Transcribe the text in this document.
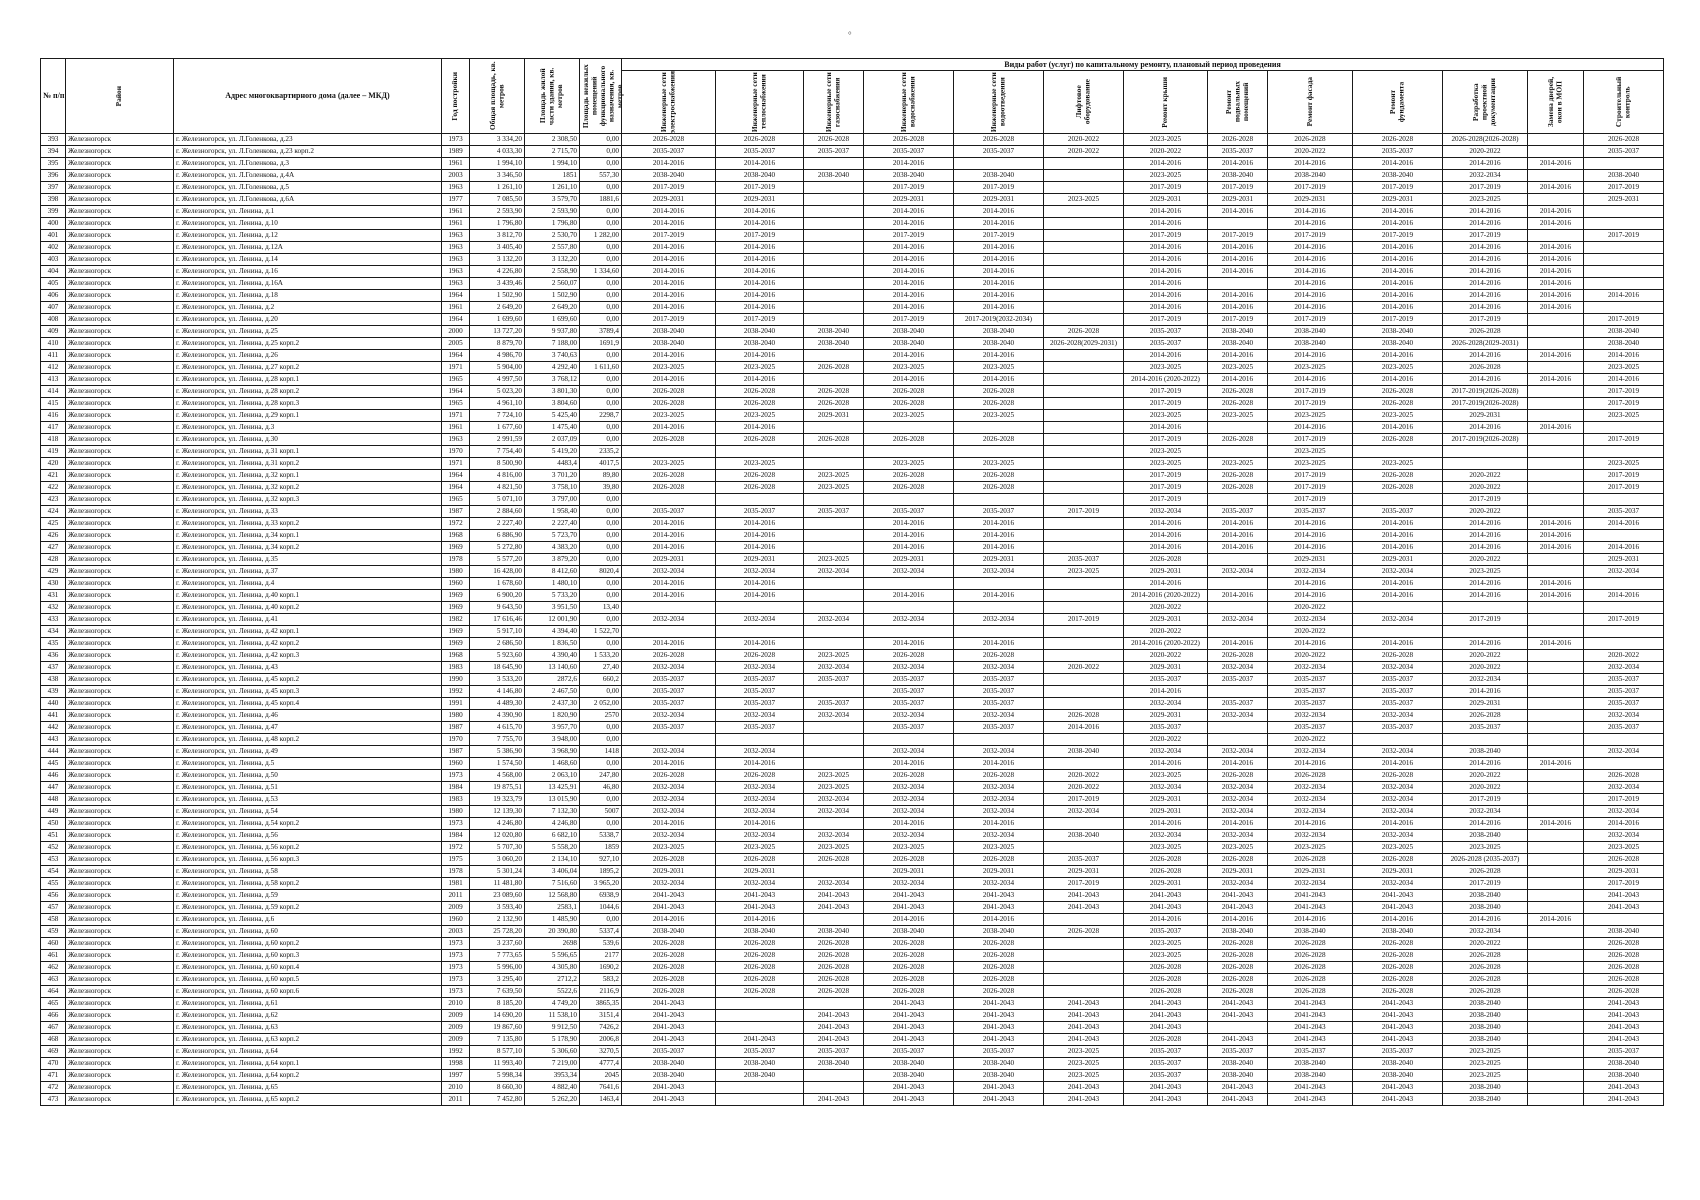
°
№ п/п	Район	Адрес многоквартирного дома (далее – МКД)	Год постройки	Общая площадь, кв. метров	Площадь жилой части здания, кв. метров	Площадь нежилых помещений функционального назначения, кв. метров	Виды работ (услуг) по капитальному ремонту, плановый период проведения												

							Инженерные сети электроснабжения	Инженерные сети теплоснабжения	Инженерные сети газоснабжения	Инженерные сети водоснабжения	Инженерные сети водоотведения	Лифтовое оборудование	Ремонт крыши	Ремонт подвальных помещений	Ремонт фасада	Ремонт фундамента	Разработка проектной документации	Замена дверей, окон в МОП	Строительный контроль

393	Железногорск	г. Железногорск, ул. Л.Голенкова, д.23	1973	3 334,20	2 308,50	0,00	2026-2028	2026-2028	2026-2028	2026-2028	2026-2028	2020-2022	2023-2025	2026-2028	2026-2028	2026-2028	2026-2028(2026-2028)		2026-2028
394	Железногорск	г. Железногорск, ул. Л.Голенкова, д.23 корп.2	1989	4 033,30	2 715,70	0,00	2035-2037	2035-2037	2035-2037	2035-2037	2035-2037	2020-2022	2020-2022	2035-2037	2020-2022	2035-2037	2020-2022		2035-2037
395	Железногорск	г. Железногорск, ул. Л.Голенкова, д.3	1961	1 994,10	1 994,10	0,00	2014-2016	2014-2016		2014-2016			2014-2016	2014-2016	2014-2016	2014-2016	2014-2016	2014-2016	
396	Железногорск	г. Железногорск, ул. Л.Голенкова, д.4А	2003	3 346,50	1851	557,30	2038-2040	2038-2040	2038-2040	2038-2040	2038-2040		2023-2025	2038-2040	2038-2040	2038-2040	2032-2034		2038-2040
397	Железногорск	г. Железногорск, ул. Л.Голенкова, д.5	1963	1 261,10	1 261,10	0,00	2017-2019	2017-2019		2017-2019	2017-2019		2017-2019	2017-2019	2017-2019	2017-2019	2017-2019	2014-2016	2017-2019
398	Железногорск	г. Железногорск, ул. Л.Голенкова, д.6А	1977	7 085,50	3 579,70	1881,6	2029-2031	2029-2031		2029-2031	2029-2031	2023-2025	2029-2031	2029-2031	2029-2031	2029-2031	2023-2025		2029-2031
399	Железногорск	г. Железногорск, ул. Ленина, д.1	1961	2 593,90	2 593,90	0,00	2014-2016	2014-2016		2014-2016	2014-2016		2014-2016	2014-2016	2014-2016	2014-2016	2014-2016	2014-2016	
400	Железногорск	г. Железногорск, ул. Ленина, д.10	1961	1 796,80	1 796,80	0,00	2014-2016	2014-2016		2014-2016	2014-2016		2014-2016		2014-2016	2014-2016	2014-2016	2014-2016	
401	Железногорск	г. Железногорск, ул. Ленина, д.12	1963	3 812,70	2 530,70	1 282,00	2017-2019	2017-2019		2017-2019	2017-2019		2017-2019	2017-2019	2017-2019	2017-2019	2017-2019		2017-2019
402	Железногорск	г. Железногорск, ул. Ленина, д.12А	1963	3 405,40	2 557,80	0,00	2014-2016	2014-2016		2014-2016	2014-2016		2014-2016	2014-2016	2014-2016	2014-2016	2014-2016	2014-2016	
403	Железногорск	г. Железногорск, ул. Ленина, д.14	1963	3 132,20	3 132,20	0,00	2014-2016	2014-2016		2014-2016	2014-2016		2014-2016	2014-2016	2014-2016	2014-2016	2014-2016	2014-2016	
404	Железногорск	г. Железногорск, ул. Ленина, д.16	1963	4 226,80	2 558,90	1 334,60	2014-2016	2014-2016		2014-2016	2014-2016		2014-2016	2014-2016	2014-2016	2014-2016	2014-2016	2014-2016	
405	Железногорск	г. Железногорск, ул. Ленина, д.16А	1963	3 439,46	2 560,07	0,00	2014-2016	2014-2016		2014-2016	2014-2016		2014-2016		2014-2016	2014-2016	2014-2016	2014-2016	
406	Железногорск	г. Железногорск, ул. Ленина, д.18	1964	1 502,90	1 502,90	0,00	2014-2016	2014-2016		2014-2016	2014-2016		2014-2016	2014-2016	2014-2016	2014-2016	2014-2016	2014-2016	2014-2016
407	Железногорск	г. Железногорск, ул. Ленина, д.2	1961	2 649,20	2 649,20	0,00	2014-2016	2014-2016		2014-2016	2014-2016		2014-2016	2014-2016	2014-2016	2014-2016	2014-2016	2014-2016	
408	Железногорск	г. Железногорск, ул. Ленина, д.20	1964	1 699,60	1 699,60	0,00	2017-2019	2017-2019		2017-2019	2017-2019(2032-2034)		2017-2019	2017-2019	2017-2019	2017-2019	2017-2019		2017-2019
409	Железногорск	г. Железногорск, ул. Ленина, д.25	2000	13 727,20	9 937,80	3789,4	2038-2040	2038-2040	2038-2040	2038-2040	2038-2040	2026-2028	2035-2037	2038-2040	2038-2040	2038-2040	2026-2028		2038-2040
410	Железногорск	г. Железногорск, ул. Ленина, д.25 корп.2	2005	8 879,70	7 188,00	1691,9	2038-2040	2038-2040	2038-2040	2038-2040	2038-2040	2026-2028(2029-2031)	2035-2037	2038-2040	2038-2040	2038-2040	2026-2028(2029-2031)		2038-2040
411	Железногорск	г. Железногорск, ул. Ленина, д.26	1964	4 986,70	3 740,63	0,00	2014-2016	2014-2016		2014-2016	2014-2016		2014-2016	2014-2016	2014-2016	2014-2016	2014-2016	2014-2016	2014-2016
412	Железногорск	г. Железногорск, ул. Ленина, д.27 корп.2	1971	5 904,00	4 292,40	1 611,60	2023-2025	2023-2025	2026-2028	2023-2025	2023-2025		2023-2025	2023-2025	2023-2025	2023-2025	2026-2028		2023-2025
413	Железногорск	г. Железногорск, ул. Ленина, д.28 корп.1	1965	4 997,50	3 768,12	0,00	2014-2016	2014-2016		2014-2016	2014-2016		2014-2016 (2020-2022)	2014-2016	2014-2016	2014-2016	2014-2016	2014-2016	2014-2016
414	Железногорск	г. Железногорск, ул. Ленина, д.28 корп.2	1964	5 023,20	3 801,30	0,00	2026-2028	2026-2028	2026-2028	2026-2028	2026-2028		2017-2019	2026-2028	2017-2019	2026-2028	2017-2019(2026-2028)		2017-2019
415	Железногорск	г. Железногорск, ул. Ленина, д.28 корп.3	1965	4 961,10	3 804,60	0,00	2026-2028	2026-2028	2026-2028	2026-2028	2026-2028		2017-2019	2026-2028	2017-2019	2026-2028	2017-2019(2026-2028)		2017-2019
416	Железногорск	г. Железногорск, ул. Ленина, д.29 корп.1	1971	7 724,10	5 425,40	2298,7	2023-2025	2023-2025	2029-2031	2023-2025	2023-2025		2023-2025	2023-2025	2023-2025	2023-2025	2029-2031		2023-2025
417	Железногорск	г. Железногорск, ул. Ленина, д.3	1961	1 677,60	1 475,40	0,00	2014-2016	2014-2016					2014-2016		2014-2016	2014-2016	2014-2016	2014-2016	
418	Железногорск	г. Железногорск, ул. Ленина, д.30	1963	2 991,59	2 037,09	0,00	2026-2028	2026-2028	2026-2028	2026-2028	2026-2028		2017-2019	2026-2028	2017-2019	2026-2028	2017-2019(2026-2028)		2017-2019
419	Железногорск	г. Железногорск, ул. Ленина, д.31 корп.1	1970	7 754,40	5 419,20	2335,2							2023-2025		2023-2025				
420	Железногорск	г. Железногорск, ул. Ленина, д.31 корп.2	1971	8 500,90	4483,4	4017,5	2023-2025	2023-2025		2023-2025	2023-2025		2023-2025	2023-2025	2023-2025	2023-2025			2023-2025
421	Железногорск	г. Железногорск, ул. Ленина, д.32 корп.1	1964	4 816,00	3 701,20	89,80	2026-2028	2026-2028	2023-2025	2026-2028	2026-2028		2017-2019	2026-2028	2017-2019	2026-2028	2020-2022		2017-2019
422	Железногорск	г. Железногорск, ул. Ленина, д.32 корп.2	1964	4 821,50	3 758,10	39,80	2026-2028	2026-2028	2023-2025	2026-2028	2026-2028		2017-2019	2026-2028	2017-2019	2026-2028	2020-2022		2017-2019
423	Железногорск	г. Железногорск, ул. Ленина, д.32 корп.3	1965	5 071,10	3 797,00	0,00							2017-2019		2017-2019		2017-2019		
424	Железногорск	г. Железногорск, ул. Ленина, д.33	1987	2 884,60	1 958,40	0,00	2035-2037	2035-2037	2035-2037	2035-2037	2035-2037	2017-2019	2032-2034	2035-2037	2035-2037	2035-2037	2020-2022		2035-2037
425	Железногорск	г. Железногорск, ул. Ленина, д.33 корп.2	1972	2 227,40	2 227,40	0,00	2014-2016	2014-2016		2014-2016	2014-2016		2014-2016	2014-2016	2014-2016	2014-2016	2014-2016	2014-2016	2014-2016
426	Железногорск	г. Железногорск, ул. Ленина, д.34 корп.1	1968	6 886,90	5 723,70	0,00	2014-2016	2014-2016		2014-2016	2014-2016		2014-2016	2014-2016	2014-2016	2014-2016	2014-2016	2014-2016	
427	Железногорск	г. Железногорск, ул. Ленина, д.34 корп.2	1969	5 272,80	4 383,20	0,00	2014-2016	2014-2016		2014-2016	2014-2016		2014-2016	2014-2016	2014-2016	2014-2016	2014-2016	2014-2016	2014-2016
428	Железногорск	г. Железногорск, ул. Ленина, д.35	1978	5 577,20	3 879,20	0,00	2029-2031	2029-2031	2023-2025	2029-2031	2029-2031	2035-2037	2026-2028		2029-2031	2029-2031	2020-2022		2029-2031
429	Железногорск	г. Железногорск, ул. Ленина, д.37	1980	16 428,00	8 412,60	8020,4	2032-2034	2032-2034	2032-2034	2032-2034	2032-2034	2023-2025	2029-2031	2032-2034	2032-2034	2032-2034	2023-2025		2032-2034
430	Железногорск	г. Железногорск, ул. Ленина, д.4	1960	1 678,60	1 480,10	0,00	2014-2016	2014-2016					2014-2016		2014-2016	2014-2016	2014-2016	2014-2016	
431	Железногорск	г. Железногорск, ул. Ленина, д.40 корп.1	1969	6 900,20	5 733,20	0,00	2014-2016	2014-2016		2014-2016	2014-2016		2014-2016 (2020-2022)	2014-2016	2014-2016	2014-2016	2014-2016	2014-2016	2014-2016
432	Железногорск	г. Железногорск, ул. Ленина, д.40 корп.2	1969	9 643,50	3 951,50	13,40							2020-2022		2020-2022				
433	Железногорск	г. Железногорск, ул. Ленина, д.41	1982	17 616,46	12 001,90	0,00	2032-2034	2032-2034	2032-2034	2032-2034	2032-2034	2017-2019	2029-2031	2032-2034	2032-2034	2032-2034	2017-2019		2017-2019
434	Железногорск	г. Железногорск, ул. Ленина, д.42 корп.1	1969	5 917,10	4 394,40	1 522,70							2020-2022		2020-2022				
435	Железногорск	г. Железногорск, ул. Ленина, д.42 корп.2	1969	2 686,50	1 836,50	0,00	2014-2016	2014-2016		2014-2016	2014-2016		2014-2016 (2020-2022)	2014-2016	2014-2016	2014-2016	2014-2016	2014-2016	
436	Железногорск	г. Железногорск, ул. Ленина, д.42 корп.3	1968	5 923,60	4 390,40	1 533,20	2026-2028	2026-2028	2023-2025	2026-2028	2026-2028		2020-2022	2026-2028	2020-2022	2026-2028	2020-2022		2020-2022
437	Железногорск	г. Железногорск, ул. Ленина, д.43	1983	18 645,90	13 140,60	27,40	2032-2034	2032-2034	2032-2034	2032-2034	2032-2034	2020-2022	2029-2031	2032-2034	2032-2034	2032-2034	2020-2022		2032-2034
438	Железногорск	г. Железногорск, ул. Ленина, д.45 корп.2	1990	3 533,20	2872,6	660,2	2035-2037	2035-2037	2035-2037	2035-2037	2035-2037		2035-2037	2035-2037	2035-2037	2035-2037	2032-2034		2035-2037
439	Железногорск	г. Железногорск, ул. Ленина, д.45 корп.3	1992	4 146,80	2 467,50	0,00	2035-2037	2035-2037		2035-2037	2035-2037		2014-2016		2035-2037	2035-2037	2014-2016		2035-2037
440	Железногорск	г. Железногорск, ул. Ленина, д.45 корп.4	1991	4 489,30	2 437,30	2 052,00	2035-2037	2035-2037	2035-2037	2035-2037	2035-2037		2032-2034	2035-2037	2035-2037	2035-2037	2029-2031		2035-2037
441	Железногорск	г. Железногорск, ул. Ленина, д.46	1980	4 390,90	1 820,90	2570	2032-2034	2032-2034	2032-2034	2032-2034	2032-2034	2026-2028	2029-2031	2032-2034	2032-2034	2032-2034	2026-2028		2032-2034
442	Железногорск	г. Железногорск, ул. Ленина, д.47	1987	4 615,70	3 957,70	0,00	2035-2037	2035-2037		2035-2037	2035-2037	2014-2016	2035-2037		2035-2037	2035-2037	2035-2037		2035-2037
443	Железногорск	г. Железногорск, ул. Ленина, д.48 корп.2	1970	7 755,70	3 948,00	0,00							2020-2022		2020-2022				
444	Железногорск	г. Железногорск, ул. Ленина, д.49	1987	5 386,90	3 968,90	1418	2032-2034	2032-2034		2032-2034	2032-2034	2038-2040	2032-2034	2032-2034	2032-2034	2032-2034	2038-2040		2032-2034
445	Железногорск	г. Железногорск, ул. Ленина, д.5	1960	1 574,50	1 468,60	0,00	2014-2016	2014-2016		2014-2016	2014-2016		2014-2016	2014-2016	2014-2016	2014-2016	2014-2016	2014-2016	
446	Железногорск	г. Железногорск, ул. Ленина, д.50	1973	4 568,00	2 063,10	247,80	2026-2028	2026-2028	2023-2025	2026-2028	2026-2028	2020-2022	2023-2025	2026-2028	2026-2028	2026-2028	2020-2022		2026-2028
447	Железногорск	г. Железногорск, ул. Ленина, д.51	1984	19 875,51	13 425,91	46,80	2032-2034	2032-2034	2023-2025	2032-2034	2032-2034	2020-2022	2032-2034	2032-2034	2032-2034	2032-2034	2020-2022		2032-2034
448	Железногорск	г. Железногорск, ул. Ленина, д.53	1983	19 323,79	13 015,90	0,00	2032-2034	2032-2034	2032-2034	2032-2034	2032-2034	2017-2019	2029-2031	2032-2034	2032-2034	2032-2034	2017-2019		2017-2019
449	Железногорск	г. Железногорск, ул. Ленина, д.54	1980	12 139,30	7 132,30	5007	2032-2034	2032-2034	2032-2034	2032-2034	2032-2034	2032-2034	2029-2031	2032-2034	2032-2034	2032-2034	2032-2034		2032-2034
450	Железногорск	г. Железногорск, ул. Ленина, д.54 корп.2	1973	4 246,80	4 246,80	0,00	2014-2016	2014-2016		2014-2016	2014-2016		2014-2016	2014-2016	2014-2016	2014-2016	2014-2016	2014-2016	2014-2016
451	Железногорск	г. Железногорск, ул. Ленина, д.56	1984	12 020,80	6 682,10	5338,7	2032-2034	2032-2034	2032-2034	2032-2034	2032-2034	2038-2040	2032-2034	2032-2034	2032-2034	2032-2034	2038-2040		2032-2034
452	Железногорск	г. Железногорск, ул. Ленина, д.56 корп.2	1972	5 707,30	5 558,20	1859	2023-2025	2023-2025	2023-2025	2023-2025	2023-2025		2023-2025	2023-2025	2023-2025	2023-2025	2023-2025		2023-2025
453	Железногорск	г. Железногорск, ул. Ленина, д.56 корп.3	1975	3 060,20	2 134,10	927,10	2026-2028	2026-2028	2026-2028	2026-2028	2026-2028	2035-2037	2026-2028	2026-2028	2026-2028	2026-2028	2026-2028 (2035-2037)		2026-2028
454	Железногорск	г. Железногорск, ул. Ленина, д.58	1978	5 301,24	3 406,04	1895,2	2029-2031	2029-2031		2029-2031	2029-2031	2029-2031	2026-2028	2029-2031	2029-2031	2029-2031	2026-2028		2029-2031
455	Железногорск	г. Железногорск, ул. Ленина, д.58 корп.2	1981	11 481,80	7 516,60	3 965,20	2032-2034	2032-2034	2032-2034	2032-2034	2032-2034	2017-2019	2029-2031	2032-2034	2032-2034	2032-2034	2017-2019		2017-2019
456	Железногорск	г. Железногорск, ул. Ленина, д.59	2011	23 089,60	12 568,80	6938,9	2041-2043	2041-2043	2041-2043	2041-2043	2041-2043	2041-2043	2041-2043	2041-2043	2041-2043	2041-2043	2038-2040		2041-2043
457	Железногорск	г. Железногорск, ул. Ленина, д.59 корп.2	2009	3 593,40	2583,1	1044,6	2041-2043	2041-2043	2041-2043	2041-2043	2041-2043	2041-2043	2041-2043	2041-2043	2041-2043	2041-2043	2038-2040		2041-2043
458	Железногорск	г. Железногорск, ул. Ленина, д.6	1960	2 132,90	1 485,90	0,00	2014-2016	2014-2016		2014-2016	2014-2016		2014-2016	2014-2016	2014-2016	2014-2016	2014-2016	2014-2016	
459	Железногорск	г. Железногорск, ул. Ленина, д.60	2003	25 728,20	20 390,80	5337,4	2038-2040	2038-2040	2038-2040	2038-2040	2038-2040	2026-2028	2035-2037	2038-2040	2038-2040	2038-2040	2032-2034		2038-2040
460	Железногорск	г. Железногорск, ул. Ленина, д.60 корп.2	1973	3 237,60	2698	539,6	2026-2028	2026-2028	2026-2028	2026-2028	2026-2028		2023-2025	2026-2028	2026-2028	2026-2028	2020-2022		2026-2028
461	Железногорск	г. Железногорск, ул. Ленина, д.60 корп.3	1973	7 773,65	5 596,65	2177	2026-2028	2026-2028	2026-2028	2026-2028	2026-2028		2023-2025	2026-2028	2026-2028	2026-2028	2026-2028		2026-2028
462	Железногорск	г. Железногорск, ул. Ленина, д.60 корп.4	1973	5 996,00	4 305,80	1690,2	2026-2028	2026-2028	2026-2028	2026-2028	2026-2028		2026-2028	2026-2028	2026-2028	2026-2028	2026-2028		2026-2028
463	Железногорск	г. Железногорск, ул. Ленина, д.60 корп.5	1973	3 295,40	2712,2	583,2	2026-2028	2026-2028	2026-2028	2026-2028	2026-2028		2026-2028	2026-2028	2026-2028	2026-2028	2026-2028		2026-2028
464	Железногорск	г. Железногорск, ул. Ленина, д.60 корп.6	1973	7 639,50	5522,6	2116,9	2026-2028	2026-2028	2026-2028	2026-2028	2026-2028		2026-2028	2026-2028	2026-2028	2026-2028	2026-2028		2026-2028
465	Железногорск	г. Железногорск, ул. Ленина, д.61	2010	8 185,20	4 749,20	3865,35	2041-2043			2041-2043	2041-2043	2041-2043	2041-2043	2041-2043	2041-2043	2041-2043	2038-2040		2041-2043
466	Железногорск	г. Железногорск, ул. Ленина, д.62	2009	14 690,20	11 538,10	3151,4	2041-2043		2041-2043	2041-2043	2041-2043	2041-2043	2041-2043	2041-2043	2041-2043	2041-2043	2038-2040		2041-2043
467	Железногорск	г. Железногорск, ул. Ленина, д.63	2009	19 867,60	9 912,50	7426,2	2041-2043		2041-2043	2041-2043	2041-2043	2041-2043	2041-2043		2041-2043	2041-2043	2038-2040		2041-2043
468	Железногорск	г. Железногорск, ул. Ленина, д.63 корп.2	2009	7 135,80	5 178,90	2006,8	2041-2043	2041-2043	2041-2043	2041-2043	2041-2043	2041-2043	2026-2028	2041-2043	2041-2043	2041-2043	2038-2040		2041-2043
469	Железногорск	г. Железногорск, ул. Ленина, д.64	1992	8 577,10	5 306,60	3270,5	2035-2037	2035-2037	2035-2037	2035-2037	2035-2037	2023-2025	2035-2037	2035-2037	2035-2037	2035-2037	2023-2025		2035-2037
470	Железногорск	г. Железногорск, ул. Ленина, д.64 корп.1	1998	11 993,40	7 219,00	4777,4	2038-2040	2038-2040	2038-2040	2038-2040	2038-2040	2023-2025	2035-2037	2038-2040	2038-2040	2038-2040	2023-2025		2038-2040
471	Железногорск	г. Железногорск, ул. Ленина, д.64 корп.2	1997	5 998,34	3953,34	2045	2038-2040	2038-2040		2038-2040	2038-2040	2023-2025	2035-2037	2038-2040	2038-2040	2038-2040	2023-2025		2038-2040
472	Железногорск	г. Железногорск, ул. Ленина, д.65	2010	8 660,30	4 882,40	7641,6	2041-2043			2041-2043	2041-2043	2041-2043	2041-2043	2041-2043	2041-2043	2041-2043	2038-2040		2041-2043
473	Железногорск	г. Железногорск, ул. Ленина, д.65 корп.2	2011	7 452,80	5 262,20	1463,4	2041-2043		2041-2043	2041-2043	2041-2043	2041-2043	2041-2043	2041-2043	2041-2043	2041-2043	2038-2040		2041-2043
